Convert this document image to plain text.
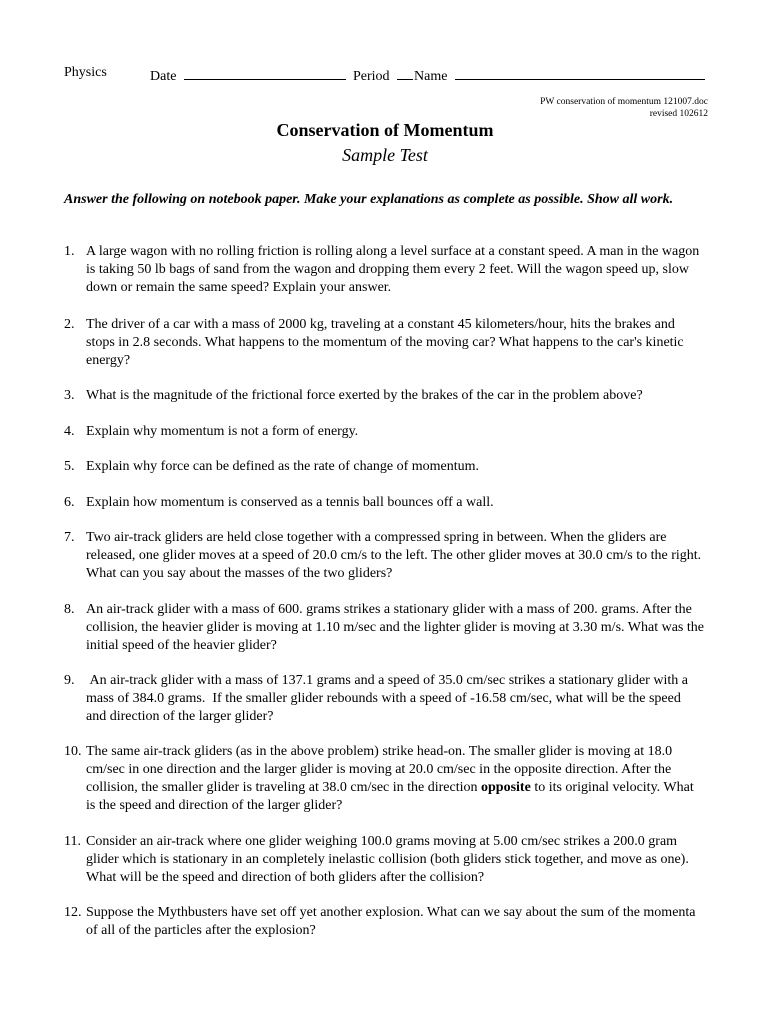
Physics	Date	Period	Name
PW conservation of momentum 121007.doc
revised 102612
Conservation of Momentum
Sample Test
Answer the following on notebook paper. Make your explanations as complete as possible. Show all work.
1. A large wagon with no rolling friction is rolling along a level surface at a constant speed. A man in the wagon is taking 50 lb bags of sand from the wagon and dropping them every 2 feet. Will the wagon speed up, slow down or remain the same speed? Explain your answer.
2. The driver of a car with a mass of 2000 kg, traveling at a constant 45 kilometers/hour, hits the brakes and stops in 2.8 seconds. What happens to the momentum of the moving car? What happens to the car's kinetic energy?
3. What is the magnitude of the frictional force exerted by the brakes of the car in the problem above?
4. Explain why momentum is not a form of energy.
5. Explain why force can be defined as the rate of change of momentum.
6. Explain how momentum is conserved as a tennis ball bounces off a wall.
7. Two air-track gliders are held close together with a compressed spring in between. When the gliders are released, one glider moves at a speed of 20.0 cm/s to the left. The other glider moves at 30.0 cm/s to the right. What can you say about the masses of the two gliders?
8. An air-track glider with a mass of 600. grams strikes a stationary glider with a mass of 200. grams. After the collision, the heavier glider is moving at 1.10 m/sec and the lighter glider is moving at 3.30 m/s. What was the initial speed of the heavier glider?
9. An air-track glider with a mass of 137.1 grams and a speed of 35.0 cm/sec strikes a stationary glider with a mass of 384.0 grams.  If the smaller glider rebounds with a speed of -16.58 cm/sec, what will be the speed and direction of the larger glider?
10. The same air-track gliders (as in the above problem) strike head-on. The smaller glider is moving at 18.0 cm/sec in one direction and the larger glider is moving at 20.0 cm/sec in the opposite direction. After the collision, the smaller glider is traveling at 38.0 cm/sec in the direction opposite to its original velocity. What is the speed and direction of the larger glider?
11. Consider an air-track where one glider weighing 100.0 grams moving at 5.00 cm/sec strikes a 200.0 gram glider which is stationary in an completely inelastic collision (both gliders stick together, and move as one). What will be the speed and direction of both gliders after the collision?
12. Suppose the Mythbusters have set off yet another explosion. What can we say about the sum of the momenta of all of the particles after the explosion?
